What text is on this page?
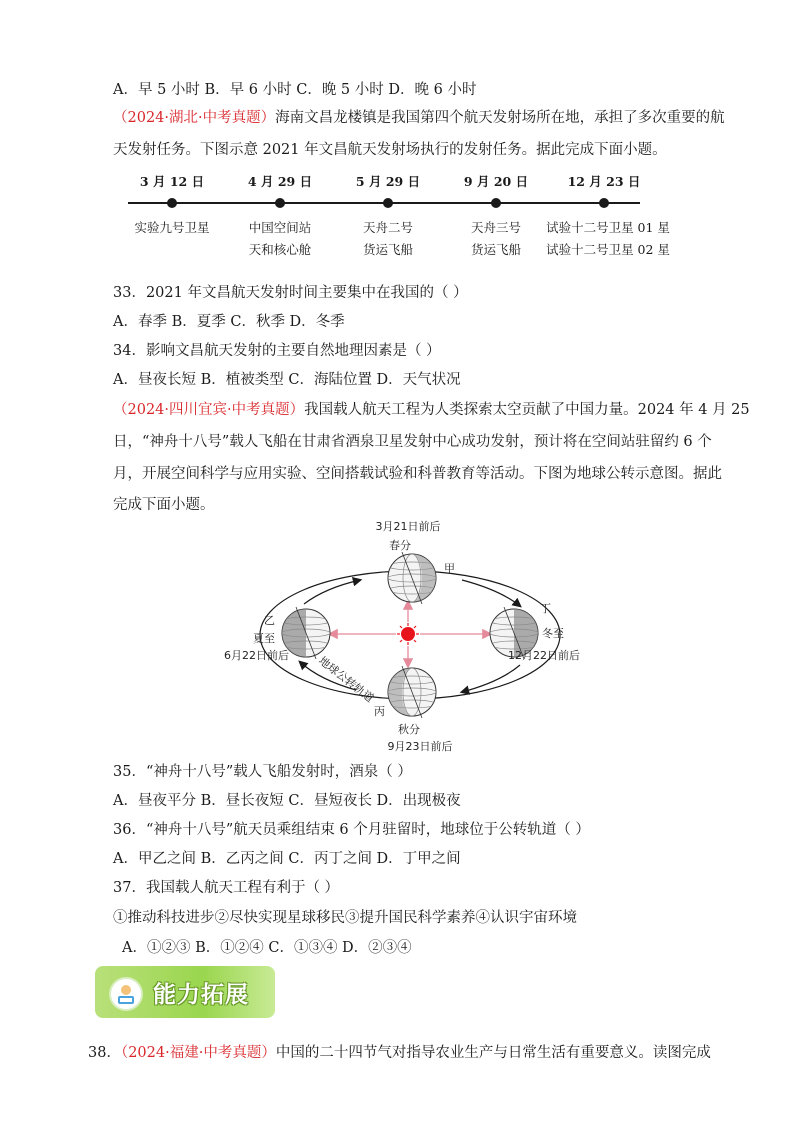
A．早 5 小时 B．早 6 小时 C．晚 5 小时 D．晚 6 小时
（2024·湖北·中考真题）海南文昌龙楼镇是我国第四个航天发射场所在地，承担了多次重要的航
天发射任务。下图示意 2021 年文昌航天发射场执行的发射任务。据此完成下面小题。
3 月 12 日
实验九号卫星
4 月 29 日
中国空间站
天和核心舱
5 月 29 日
天舟二号
货运飞船
9 月 20 日
天舟三号
货运飞船
12 月 23 日
试验十二号卫星 01 星
试验十二号卫星 02 星
33．2021 年文昌航天发射时间主要集中在我国的（ ）
A．春季 B．夏季 C．秋季 D．冬季
34．影响文昌航天发射的主要自然地理因素是（ ）
A．昼夜长短 B．植被类型 C．海陆位置 D．天气状况
（2024·四川宜宾·中考真题）我国载人航天工程为人类探索太空贡献了中国力量。2024 年 4 月 25
日，“神舟十八号”载人飞船在甘肃省酒泉卫星发射中心成功发射，预计将在空间站驻留约 6 个
月，开展空间科学与应用实验、空间搭载试验和科普教育等活动。下图为地球公转示意图。据此
完成下面小题。
3月21日前后
春分
甲
乙
夏至
6月22日前后
丁
冬至
12月22日前后
丙
秋分
9月23日前后
地球公转轨道
35．“神舟十八号”载人飞船发射时，酒泉（ ）
A．昼夜平分 B．昼长夜短 C．昼短夜长 D．出现极夜
36．“神舟十八号”航天员乘组结束 6 个月驻留时，地球位于公转轨道（ ）
A．甲乙之间 B．乙丙之间 C．丙丁之间 D．丁甲之间
37．我国载人航天工程有利于（ ）
①推动科技进步②尽快实现星球移民③提升国民科学素养④认识宇宙环境
A．①②③ B．①②④ C．①③④ D．②③④
能力拓展
38．（2024·福建·中考真题）中国的二十四节气对指导农业生产与日常生活有重要意义。读图完成
